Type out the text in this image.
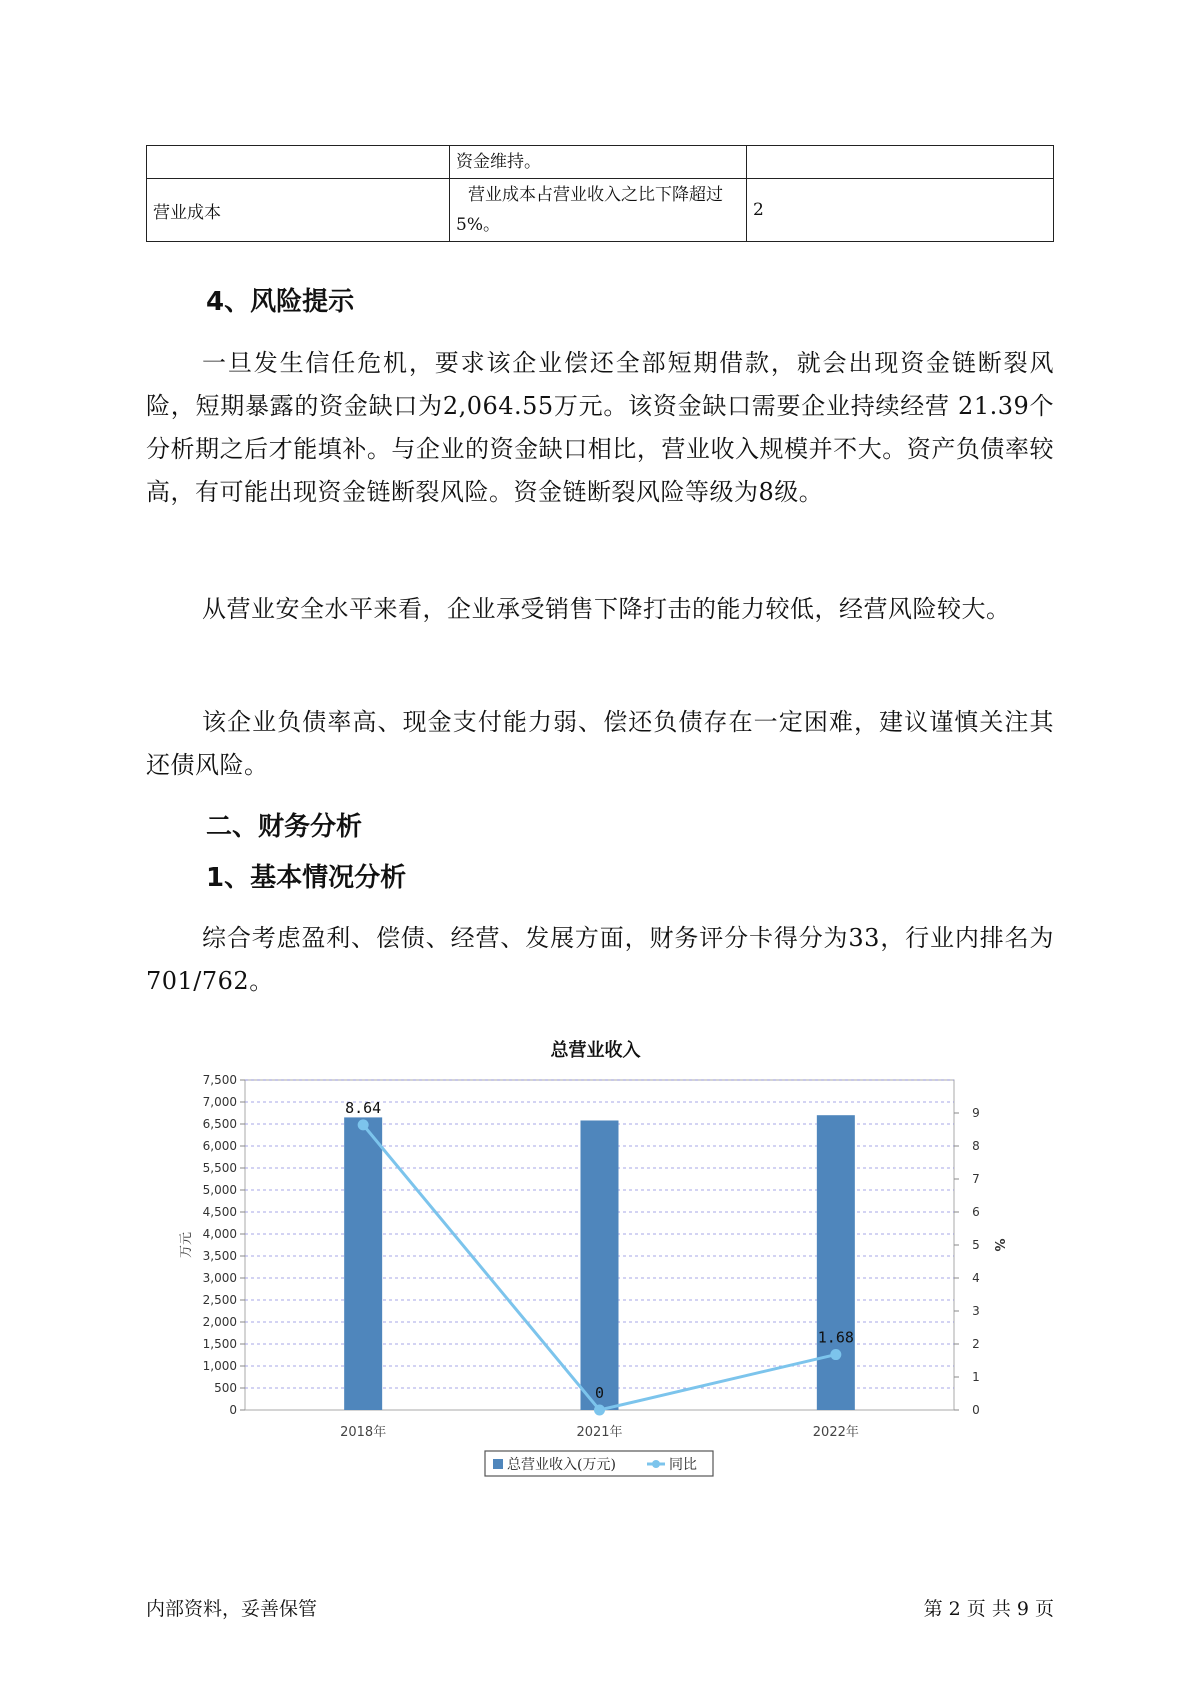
	资金维持。	
营业成本	营业成本占营业收入之比下降超过5%。	2
4、风险提示

一旦发生信任危机，要求该企业偿还全部短期借款，就会出现资金链断裂风险，短期暴露的资金缺口为2,064.55万元。该资金缺口需要企业持续经营 21.39个分析期之后才能填补。与企业的资金缺口相比，营业收入规模并不大。资产负债率较高，有可能出现资金链断裂风险。资金链断裂风险等级为8级。

从营业安全水平来看，企业承受销售下降打击的能力较低，经营风险较大。

该企业负债率高、现金支付能力弱、偿还负债存在一定困难，建议谨慎关注其还债风险。

二、财务分析
1、基本情况分析

综合考虑盈利、偿债、经营、发展方面，财务评分卡得分为33，行业内排名为701/762。

总营业收入
0
500
1,000
1,500
2,000
2,500
3,000
3,500
4,000
4,500
5,000
5,500
6,000
6,500
7,000
7,500
0
1
2
3
4
5
6
7
8
9
万元	%
2018年	2021年	2022年
8.64
0
1.68
总营业收入(万元)	同比
内部资料，妥善保管	第 2 页 共 9 页
